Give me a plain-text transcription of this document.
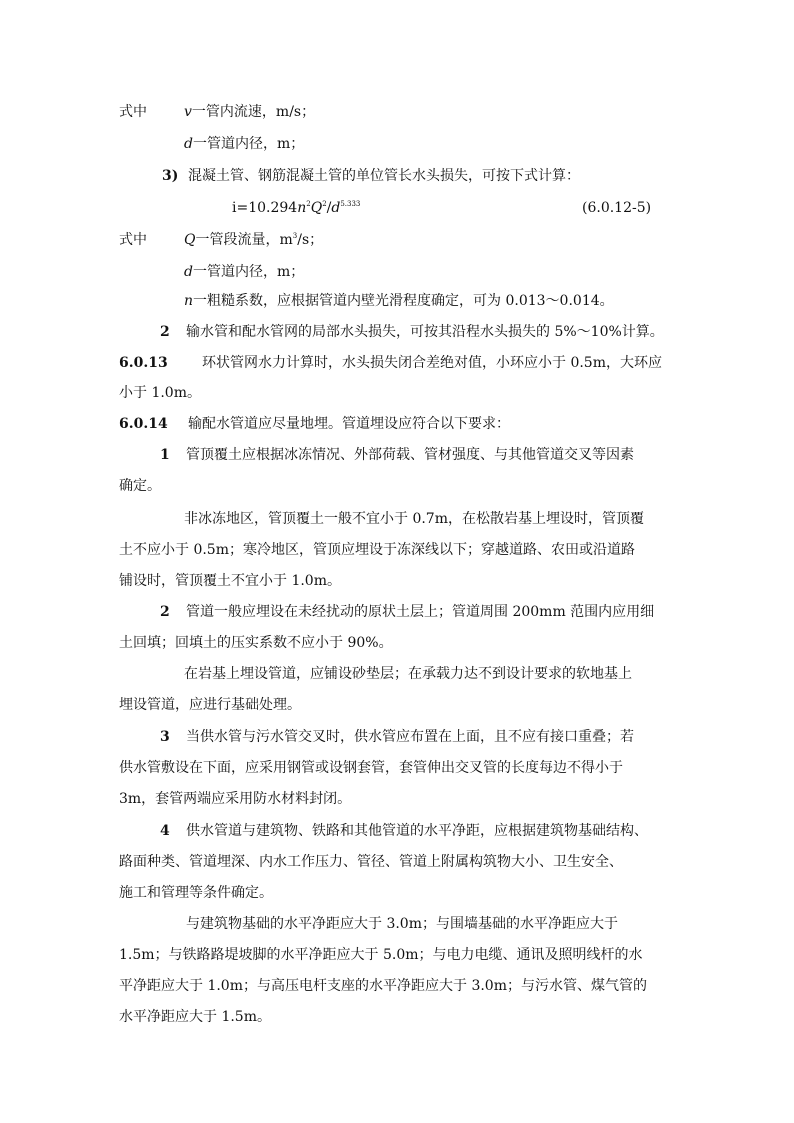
式中	v一管内流速，m/s；
d一管道内径，m；
3) 混凝土管、钢筋混凝土管的单位管长水头损失，可按下式计算：
$i=10.294n^2Q^2/d^{5.333}$	(6.0.12-5)
式中	Q一管段流量，$m^3/s$；
d一管道内径，m；
n一粗糙系数，应根据管道内壁光滑程度确定，可为 0.013～0.014。
2 输水管和配水管网的局部水头损失，可按其沿程水头损失的 5%～10%计算。
6.0.13 环状管网水力计算时，水头损失闭合差绝对值，小环应小于 0.5m，大环应
小于 1.0m。
6.0.14 输配水管道应尽量地埋。管道埋设应符合以下要求：
1 管顶覆土应根据冰冻情况、外部荷载、管材强度、与其他管道交叉等因素
确定。
非冰冻地区，管顶覆土一般不宜小于 0.7m，在松散岩基上埋设时，管顶覆
土不应小于 0.5m；寒冷地区，管顶应埋设于冻深线以下；穿越道路、农田或沿道路
铺设时，管顶覆土不宜小于 1.0m。
2 管道一般应埋设在未经扰动的原状土层上；管道周围 200mm 范围内应用细
土回填；回填土的压实系数不应小于 90%。
在岩基上埋设管道，应铺设砂垫层；在承载力达不到设计要求的软地基上
埋设管道，应进行基础处理。
3 当供水管与污水管交叉时，供水管应布置在上面，且不应有接口重叠；若
供水管敷设在下面，应采用钢管或设钢套管，套管伸出交叉管的长度每边不得小于
3m，套管两端应采用防水材料封闭。
4 供水管道与建筑物、铁路和其他管道的水平净距，应根据建筑物基础结构、
路面种类、管道埋深、内水工作压力、管径、管道上附属构筑物大小、卫生安全、
施工和管理等条件确定。
与建筑物基础的水平净距应大于 3.0m；与围墙基础的水平净距应大于
1.5m；与铁路路堤坡脚的水平净距应大于 5.0m；与电力电缆、通讯及照明线杆的水
平净距应大于 1.0m；与高压电杆支座的水平净距应大于 3.0m；与污水管、煤气管的
水平净距应大于 1.5m。
